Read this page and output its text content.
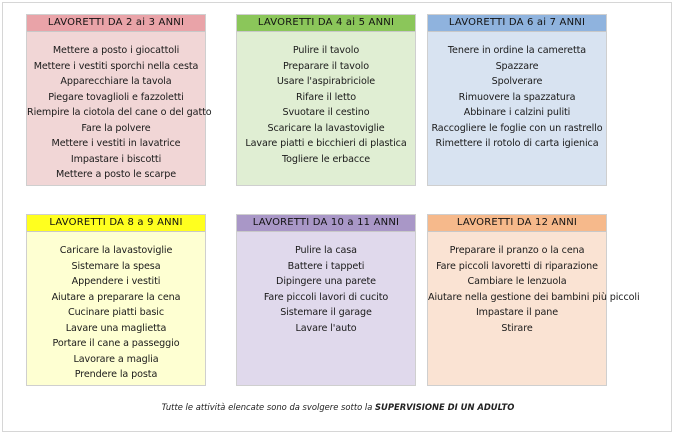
LAVORETTI DA 2 ai 3 ANNI
Mettere a posto i giocattoli
Mettere i vestiti sporchi nella cesta
Apparecchiare la tavola
Piegare tovaglioli e fazzoletti
Riempire la ciotola del cane o del gatto
Fare la polvere
Mettere i vestiti in lavatrice
Impastare i biscotti
Mettere a posto le scarpe
LAVORETTI DA 4 ai 5 ANNI
Pulire il tavolo
Preparare il tavolo
Usare l'aspirabriciole
Rifare il letto
Svuotare il cestino
Scaricare la lavastoviglie
Lavare piatti e bicchieri di plastica
Togliere le erbacce
LAVORETTI DA 6 ai 7 ANNI
Tenere in ordine la cameretta
Spazzare
Spolverare
Rimuovere la spazzatura
Abbinare i calzini puliti
Raccogliere le foglie con un rastrello
Rimettere il rotolo di carta igienica
LAVORETTI DA 8 a 9 ANNI
Caricare la lavastoviglie
Sistemare la spesa
Appendere i vestiti
Aiutare a preparare la cena
Cucinare piatti basic
Lavare una maglietta
Portare il cane a passeggio
Lavorare a maglia
Prendere la posta
LAVORETTI DA 10 a 11 ANNI
Pulire la casa
Battere i tappeti
Dipingere una parete
Fare piccoli lavori di cucito
Sistemare il garage
Lavare l'auto
LAVORETTI DA 12 ANNI
Preparare il pranzo o la cena
Fare piccoli lavoretti di riparazione
Cambiare le lenzuola
Aiutare nella gestione dei bambini più piccoli
Impastare il pane
Stirare
Tutte le attività elencate sono da svolgere sotto la SUPERVISIONE DI UN ADULTO
